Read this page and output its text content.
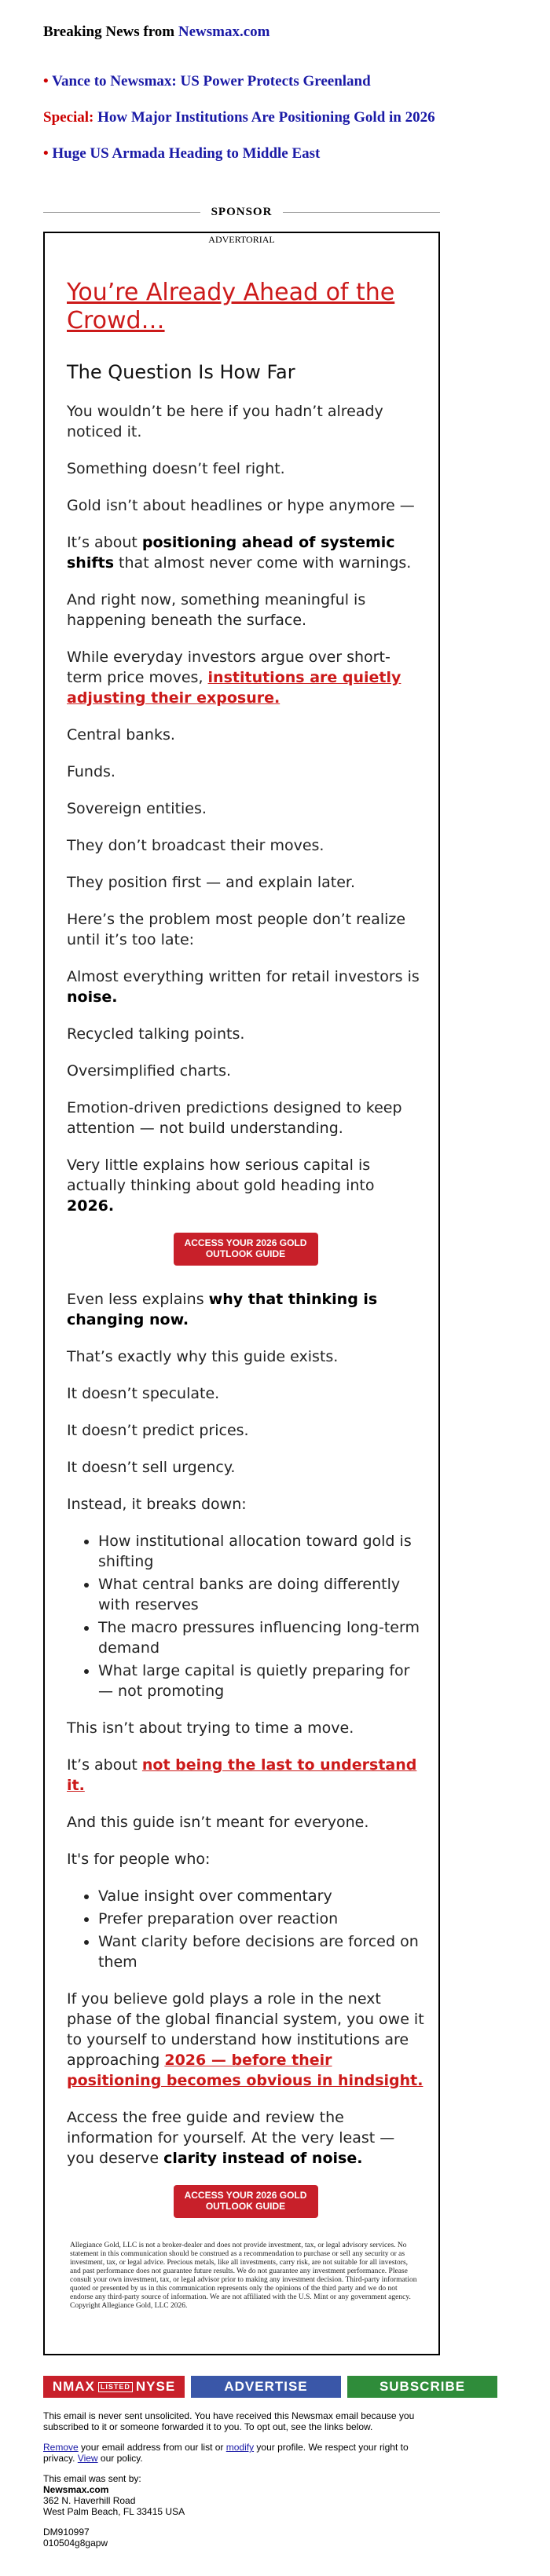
Breaking News from Newsmax.com
• Vance to Newsmax: US Power Protects Greenland
Special: How Major Institutions Are Positioning Gold in 2026
• Huge US Armada Heading to Middle East
SPONSOR
ADVERTORIAL
You’re Already Ahead of the Crowd…
The Question Is How Far

You wouldn’t be here if you hadn’t already noticed it.

Something doesn’t feel right.

Gold isn’t about headlines or hype anymore —

It’s about positioning ahead of systemic shifts that almost never come with warnings.

And right now, something meaningful is happening beneath the surface.

While everyday investors argue over short-term price moves, institutions are quietly adjusting their exposure.

Central banks.

Funds.

Sovereign entities.

They don’t broadcast their moves.

They position first — and explain later.

Here’s the problem most people don’t realize until it’s too late:

Almost everything written for retail investors is noise.

Recycled talking points.

Oversimplified charts.

Emotion-driven predictions designed to keep attention — not build understanding.

Very little explains how serious capital is actually thinking about gold heading into 2026.

ACCESS YOUR 2026 GOLD OUTLOOK GUIDE

Even less explains why that thinking is changing now.

That’s exactly why this guide exists.

It doesn’t speculate.

It doesn’t predict prices.

It doesn’t sell urgency.

Instead, it breaks down:

• How institutional allocation toward gold is shifting
• What central banks are doing differently with reserves
• The macro pressures influencing long-term demand
• What large capital is quietly preparing for — not promoting

This isn’t about trying to time a move.

It’s about not being the last to understand it.

And this guide isn’t meant for everyone.

It's for people who:

• Value insight over commentary
• Prefer preparation over reaction
• Want clarity before decisions are forced on them

If you believe gold plays a role in the next phase of the global financial system, you owe it to yourself to understand how institutions are approaching 2026 — before their positioning becomes obvious in hindsight.

Access the free guide and review the information for yourself. At the very least — you deserve clarity instead of noise.

ACCESS YOUR 2026 GOLD OUTLOOK GUIDE
Allegiance Gold, LLC is not a broker-dealer and does not provide investment, tax, or legal advisory services. No statement in this communication should be construed as a recommendation to purchase or sell any security or as investment, tax, or legal advice. Precious metals, like all investments, carry risk, are not suitable for all investors, and past performance does not guarantee future results. We do not guarantee any investment performance. Please consult your own investment, tax, or legal advisor prior to making any investment decision. Third-party information quoted or presented by us in this communication represents only the opinions of the third party and we do not endorse any third-party source of information. We are not affiliated with the U.S. Mint or any government agency. Copyright Allegiance Gold, LLC 2026.
NMAX LISTED NYSE	ADVERTISE	SUBSCRIBE

This email is never sent unsolicited. You have received this Newsmax email because you subscribed to it or someone forwarded it to you. To opt out, see the links below.

Remove your email address from our list or modify your profile. We respect your right to privacy. View our policy.

This email was sent by:
Newsmax.com
362 N. Haverhill Road
West Palm Beach, FL 33415 USA

DM910997
010504g8gapw
